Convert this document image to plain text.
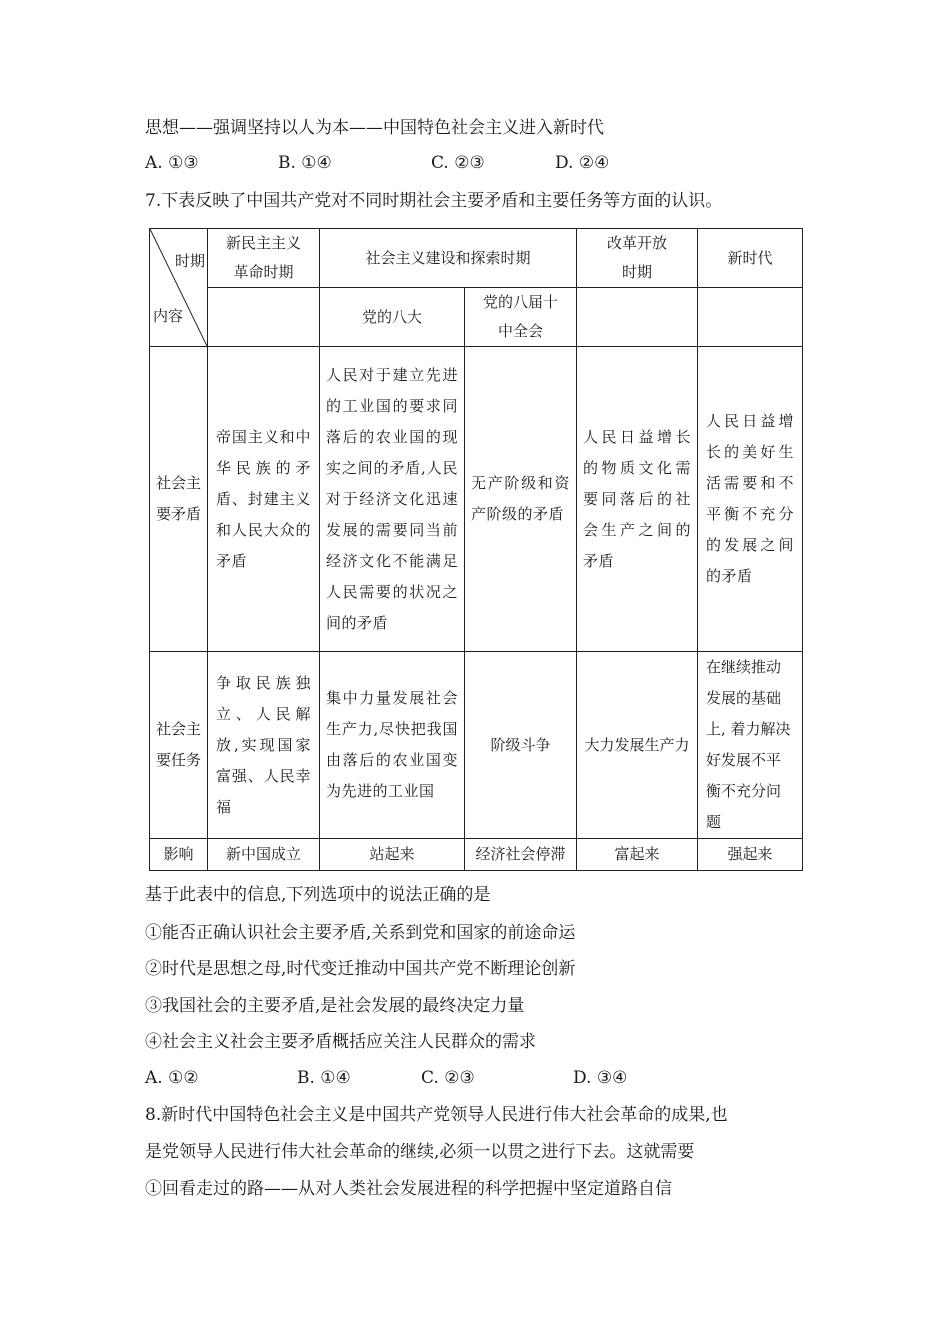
思想——强调坚持以人为本——中国特色社会主义进入新时代
A. ①③	B. ①④	C. ②③	D. ②④
7.下表反映了中国共产党对不同时期社会主要矛盾和主要任务等方面的认识。
时期
内容	新民主主义革命时期	社会主义建设和探索时期		改革开放时期	新时代
		党的八大	党的八届十中全会		
社会主要矛盾	帝国主义和中华民族的矛盾、封建主义和人民大众的矛盾	人民对于建立先进的工业国的要求同落后的农业国的现实之间的矛盾,人民对于经济文化迅速发展的需要同当前经济文化不能满足人民需要的状况之间的矛盾	无产阶级和资产阶级的矛盾	人民日益增长的物质文化需要同落后的社会生产之间的矛盾	人民日益增长的美好生活需要和不平衡不充分的发展之间的矛盾
社会主要任务	争取民族独立、人民解放,实现国家富强、人民幸福	集中力量发展社会生产力,尽快把我国由落后的农业国变为先进的工业国	阶级斗争	大力发展生产力	在继续推动发展的基础上, 着力解决好发展不平衡不充分问题
影响	新中国成立	站起来	经济社会停滞	富起来	强起来
基于此表中的信息,下列选项中的说法正确的是
①能否正确认识社会主要矛盾,关系到党和国家的前途命运
②时代是思想之母,时代变迁推动中国共产党不断理论创新
③我国社会的主要矛盾,是社会发展的最终决定力量
④社会主义社会主要矛盾概括应关注人民群众的需求
A. ①②	B. ①④	C. ②③	D. ③④
8.新时代中国特色社会主义是中国共产党领导人民进行伟大社会革命的成果,也
是党领导人民进行伟大社会革命的继续,必须一以贯之进行下去。这就需要
①回看走过的路——从对人类社会发展进程的科学把握中坚定道路自信
